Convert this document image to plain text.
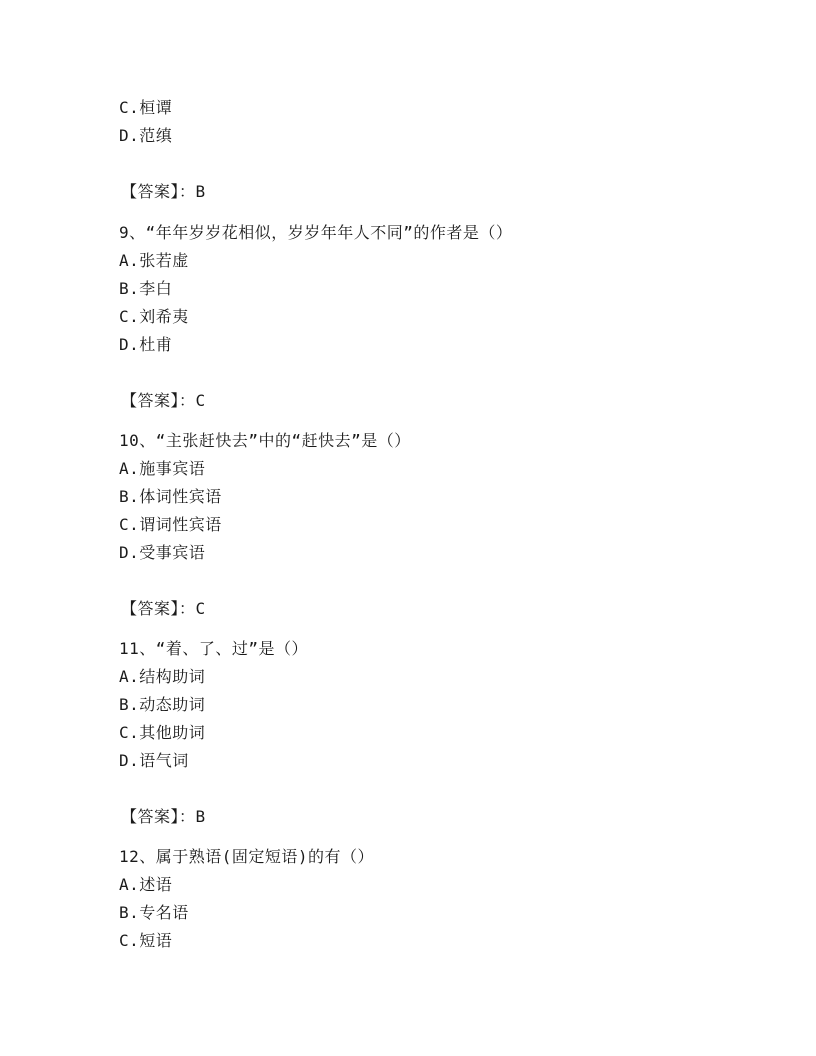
C.桓谭
D.范缜
【答案】：B
9、“年年岁岁花相似，岁岁年年人不同”的作者是（）
A.张若虚
B.李白
C.刘希夷
D.杜甫
【答案】：C
10、“主张赶快去”中的“赶快去”是（）
A.施事宾语
B.体词性宾语
C.谓词性宾语
D.受事宾语
【答案】：C
11、“着、了、过”是（）
A.结构助词
B.动态助词
C.其他助词
D.语气词
【答案】：B
12、属于熟语(固定短语)的有（）
A.述语
B.专名语
C.短语
